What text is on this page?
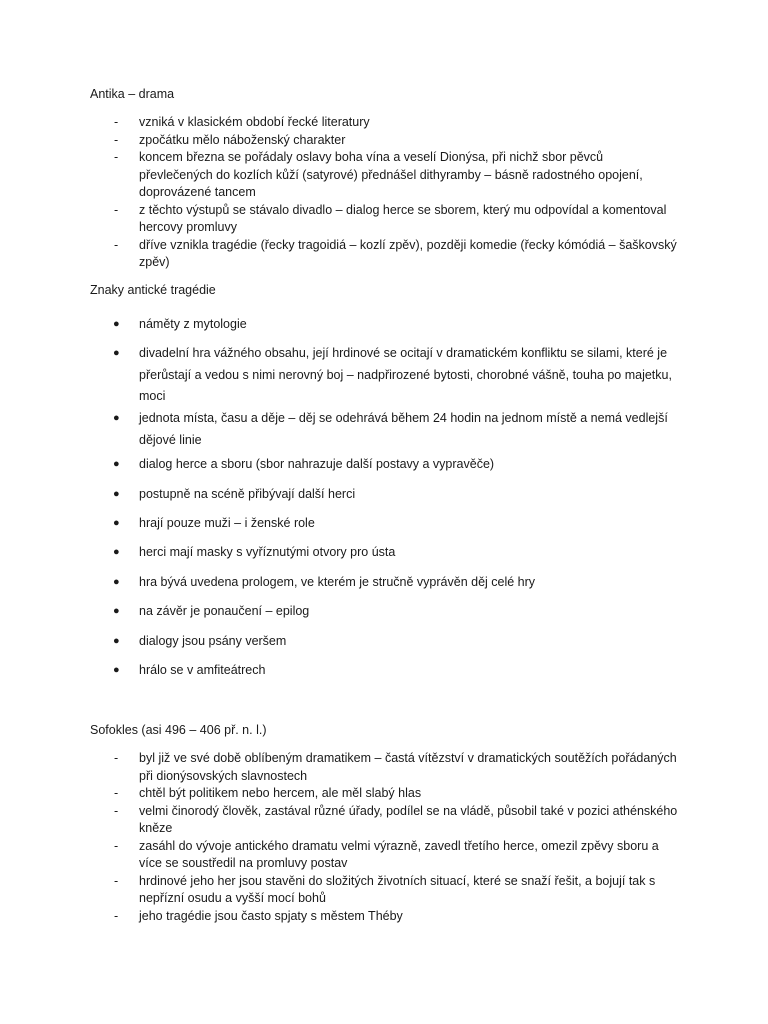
Antika – drama
- vzniká v klasickém období řecké literatury
- zpočátku mělo náboženský charakter
- koncem března se pořádaly oslavy boha vína a veselí Dionýsa, při nichž sbor pěvců převlečených do kozlích kůží (satyrové) přednášel dithyramby – básně radostného opojení, doprovázené tancem
- z těchto výstupů se stávalo divadlo – dialog herce se sborem, který mu odpovídal a komentoval hercovy promluvy
- dříve vznikla tragédie (řecky tragoidiá – kozlí zpěv), později komedie (řecky kómódiá – šaškovský zpěv)
Znaky antické tragédie
● náměty z mytologie
● divadelní hra vážného obsahu, její hrdinové se ocitají v dramatickém konfliktu se silami, které je přerůstají a vedou s nimi nerovný boj – nadpřirozené bytosti, chorobné vášně, touha po majetku, moci
● jednota místa, času a děje – děj se odehrává během 24 hodin na jednom místě a nemá vedlejší dějové linie
● dialog herce a sboru (sbor nahrazuje další postavy a vypravěče)
● postupně na scéně přibývají další herci
● hrají pouze muži – i ženské role
● herci mají masky s vyříznutými otvory pro ústa
● hra bývá uvedena prologem, ve kterém je stručně vyprávěn děj celé hry
● na závěr je ponaučení – epilog
● dialogy jsou psány veršem
● hrálo se v amfiteátrech
Sofokles (asi 496 – 406 př. n. l.)
- byl již ve své době oblíbeným dramatikem – častá vítězství v dramatických soutěžích pořádaných při dionýsovských slavnostech
- chtěl být politikem nebo hercem, ale měl slabý hlas
- velmi činorodý člověk, zastával různé úřady, podílel se na vládě, působil také v pozici athénského kněze
- zasáhl do vývoje antického dramatu velmi výrazně, zavedl třetího herce, omezil zpěvy sboru a více se soustředil na promluvy postav
- hrdinové jeho her jsou stavěni do složitých životních situací, které se snaží řešit, a bojují tak s nepřízní osudu a vyšší mocí bohů
- jeho tragédie jsou často spjaty s městem Théby
